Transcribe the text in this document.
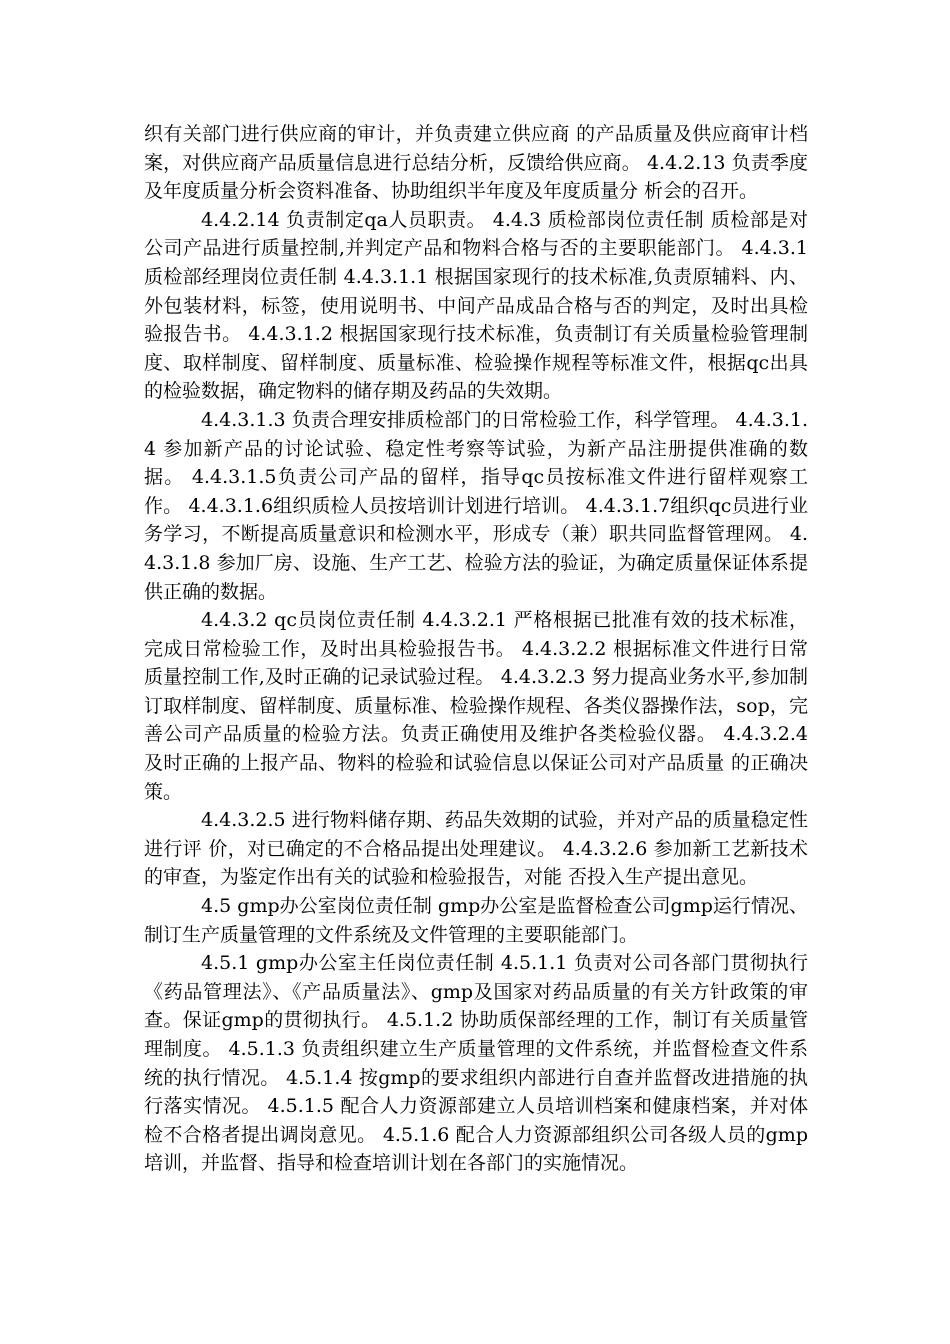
织有关部门进行供应商的审计，并负责建立供应商 的产品质量及供应商审计档案，对供应商产品质量信息进行总结分析，反馈给供应商。 4.4.2.13 负责季度及年度质量分析会资料准备、协助组织半年度及年度质量分 析会的召开。

4.4.2.14 负责制定qa人员职责。 4.4.3 质检部岗位责任制 质检部是对公司产品进行质量控制,并判定产品和物料合格与否的主要职能部门。 4.4.3.1 质检部经理岗位责任制 4.4.3.1.1 根据国家现行的技术标准,负责原辅料、内、外包装材料，标签，使用说明书、中间产品成品合格与否的判定，及时出具检验报告书。 4.4.3.1.2 根据国家现行技术标准，负责制订有关质量检验管理制度、取样制度、留样制度、质量标准、检验操作规程等标准文件，根据qc出具的检验数据，确定物料的储存期及药品的失效期。

4.4.3.1.3 负责合理安排质检部门的日常检验工作，科学管理。 4.4.3.1.4 参加新产品的讨论试验、稳定性考察等试验，为新产品注册提供准确的数据。 4.4.3.1.5负责公司产品的留样，指导qc员按标准文件进行留样观察工作。 4.4.3.1.6组织质检人员按培训计划进行培训。 4.4.3.1.7组织qc员进行业务学习，不断提高质量意识和检测水平，形成专（兼）职共同监督管理网。 4.4.3.1.8 参加厂房、设施、生产工艺、检验方法的验证，为确定质量保证体系提供正确的数据。

4.4.3.2 qc员岗位责任制 4.4.3.2.1 严格根据已批准有效的技术标准，完成日常检验工作，及时出具检验报告书。 4.4.3.2.2 根据标准文件进行日常质量控制工作,及时正确的记录试验过程。 4.4.3.2.3 努力提高业务水平,参加制订取样制度、留样制度、质量标准、检验操作规程、各类仪器操作法，sop，完善公司产品质量的检验方法。负责正确使用及维护各类检验仪器。 4.4.3.2.4 及时正确的上报产品、物料的检验和试验信息以保证公司对产品质量 的正确决策。

4.4.3.2.5 进行物料储存期、药品失效期的试验，并对产品的质量稳定性进行评 价，对已确定的不合格品提出处理建议。 4.4.3.2.6 参加新工艺新技术的审查，为鉴定作出有关的试验和检验报告，对能 否投入生产提出意见。

4.5 gmp办公室岗位责任制 gmp办公室是监督检查公司gmp运行情况、制订生产质量管理的文件系统及文件管理的主要职能部门。

4.5.1 gmp办公室主任岗位责任制 4.5.1.1 负责对公司各部门贯彻执行《药品管理法》、《产品质量法》、gmp及国家对药品质量的有关方针政策的审查。保证gmp的贯彻执行。 4.5.1.2 协助质保部经理的工作，制订有关质量管理制度。 4.5.1.3 负责组织建立生产质量管理的文件系统，并监督检查文件系统的执行情况。 4.5.1.4 按gmp的要求组织内部进行自查并监督改进措施的执行落实情况。 4.5.1.5 配合人力资源部建立人员培训档案和健康档案，并对体检不合格者提出调岗意见。 4.5.1.6 配合人力资源部组织公司各级人员的gmp培训，并监督、指导和检查培训计划在各部门的实施情况。
